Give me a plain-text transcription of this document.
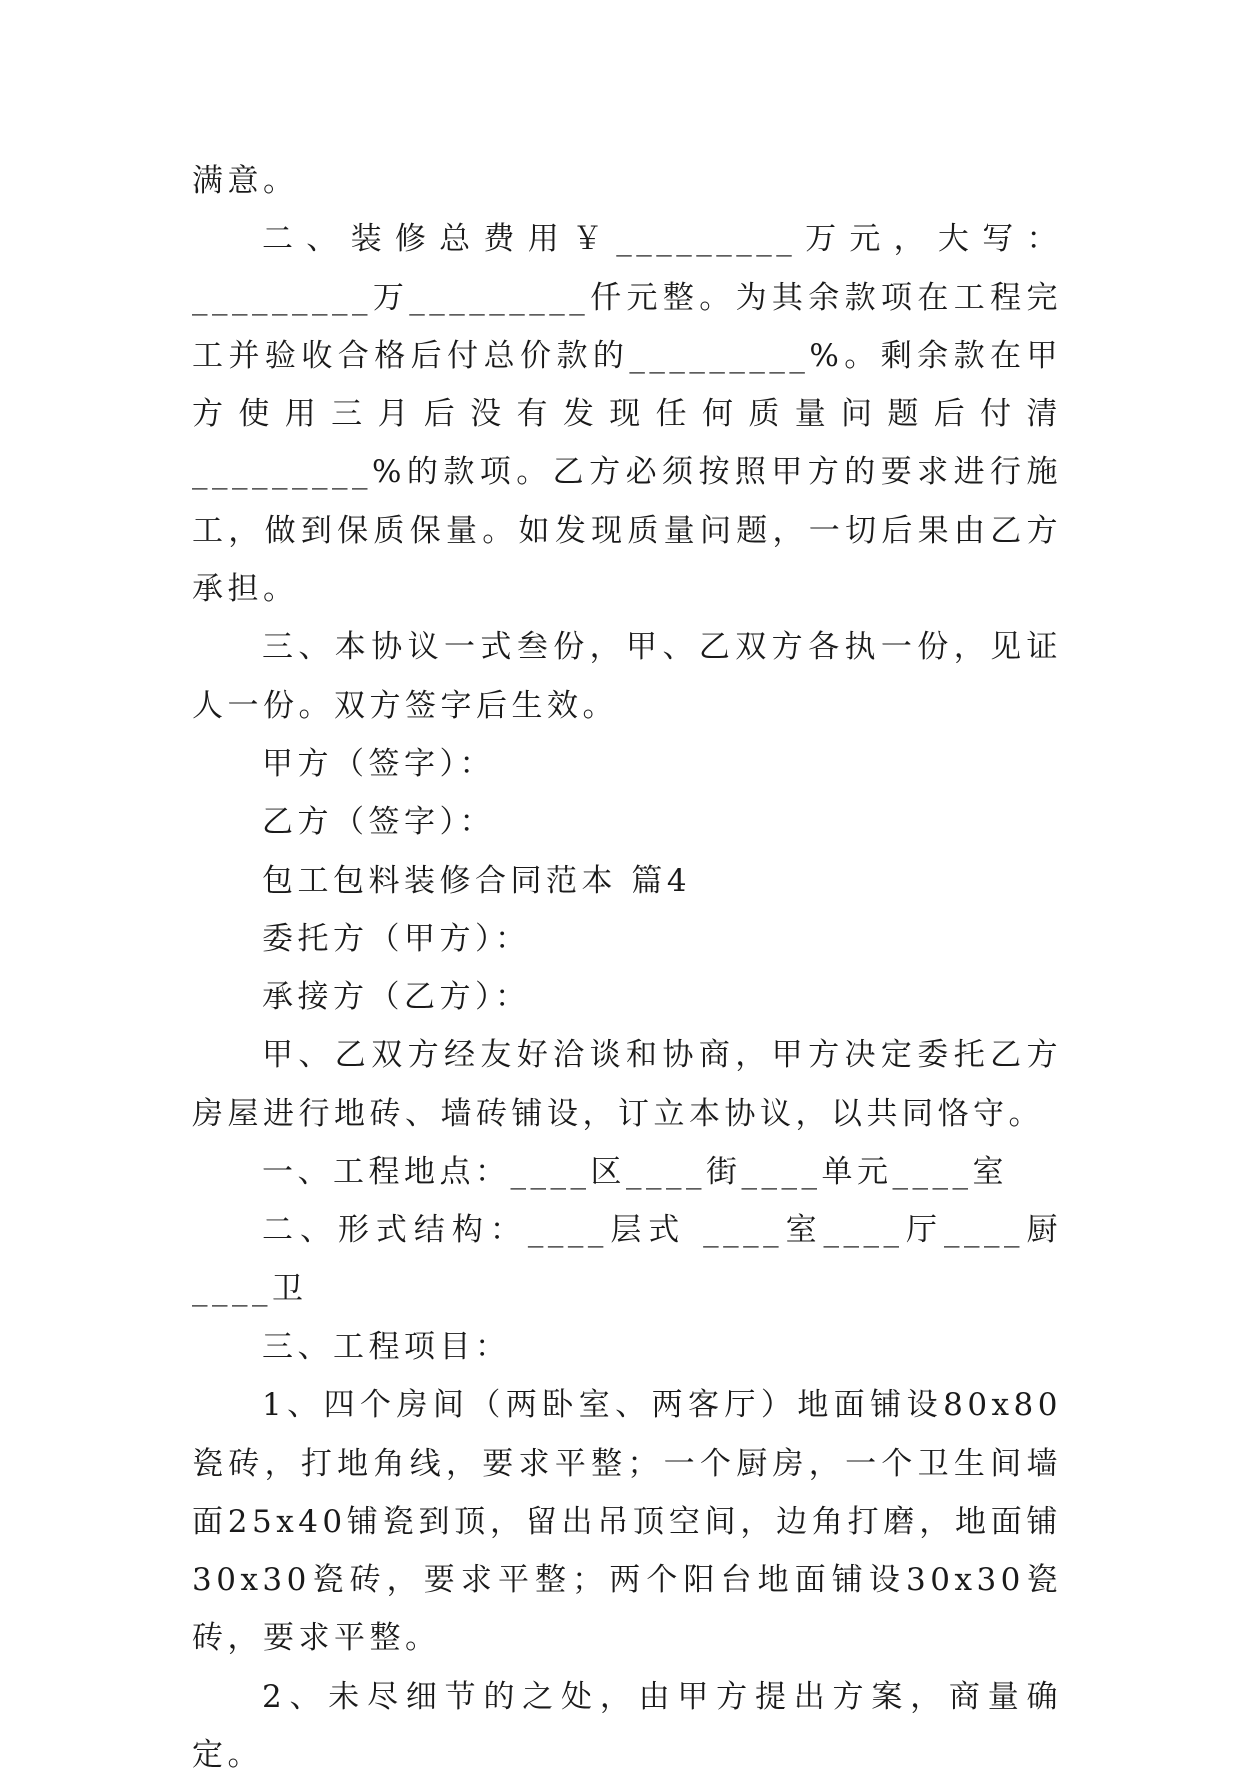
满意。

二、装修总费用￥_________万元，大写：_________万_________仟元整。为其余款项在工程完工并验收合格后付总价款的_________%。剩余款在甲方使用三月后没有发现任何质量问题后付清_________%的款项。乙方必须按照甲方的要求进行施工，做到保质保量。如发现质量问题，一切后果由乙方承担。

三、本协议一式叁份，甲、乙双方各执一份，见证人一份。双方签字后生效。

甲方（签字）：

乙方（签字）：

包工包料装修合同范本 篇4

委托方（甲方）：

承接方（乙方）：

甲、乙双方经友好洽谈和协商，甲方决定委托乙方房屋进行地砖、墙砖铺设，订立本协议，以共同恪守。

一、工程地点：____区____街____单元____室

二、形式结构：____层式 ____室____厅____厨____卫

三、工程项目：

1、四个房间（两卧室、两客厅）地面铺设80x80瓷砖，打地角线，要求平整；一个厨房，一个卫生间墙面25x40铺瓷到顶，留出吊顶空间，边角打磨，地面铺30x30瓷砖，要求平整；两个阳台地面铺设30x30瓷砖，要求平整。

2、未尽细节的之处，由甲方提出方案，商量确定。
